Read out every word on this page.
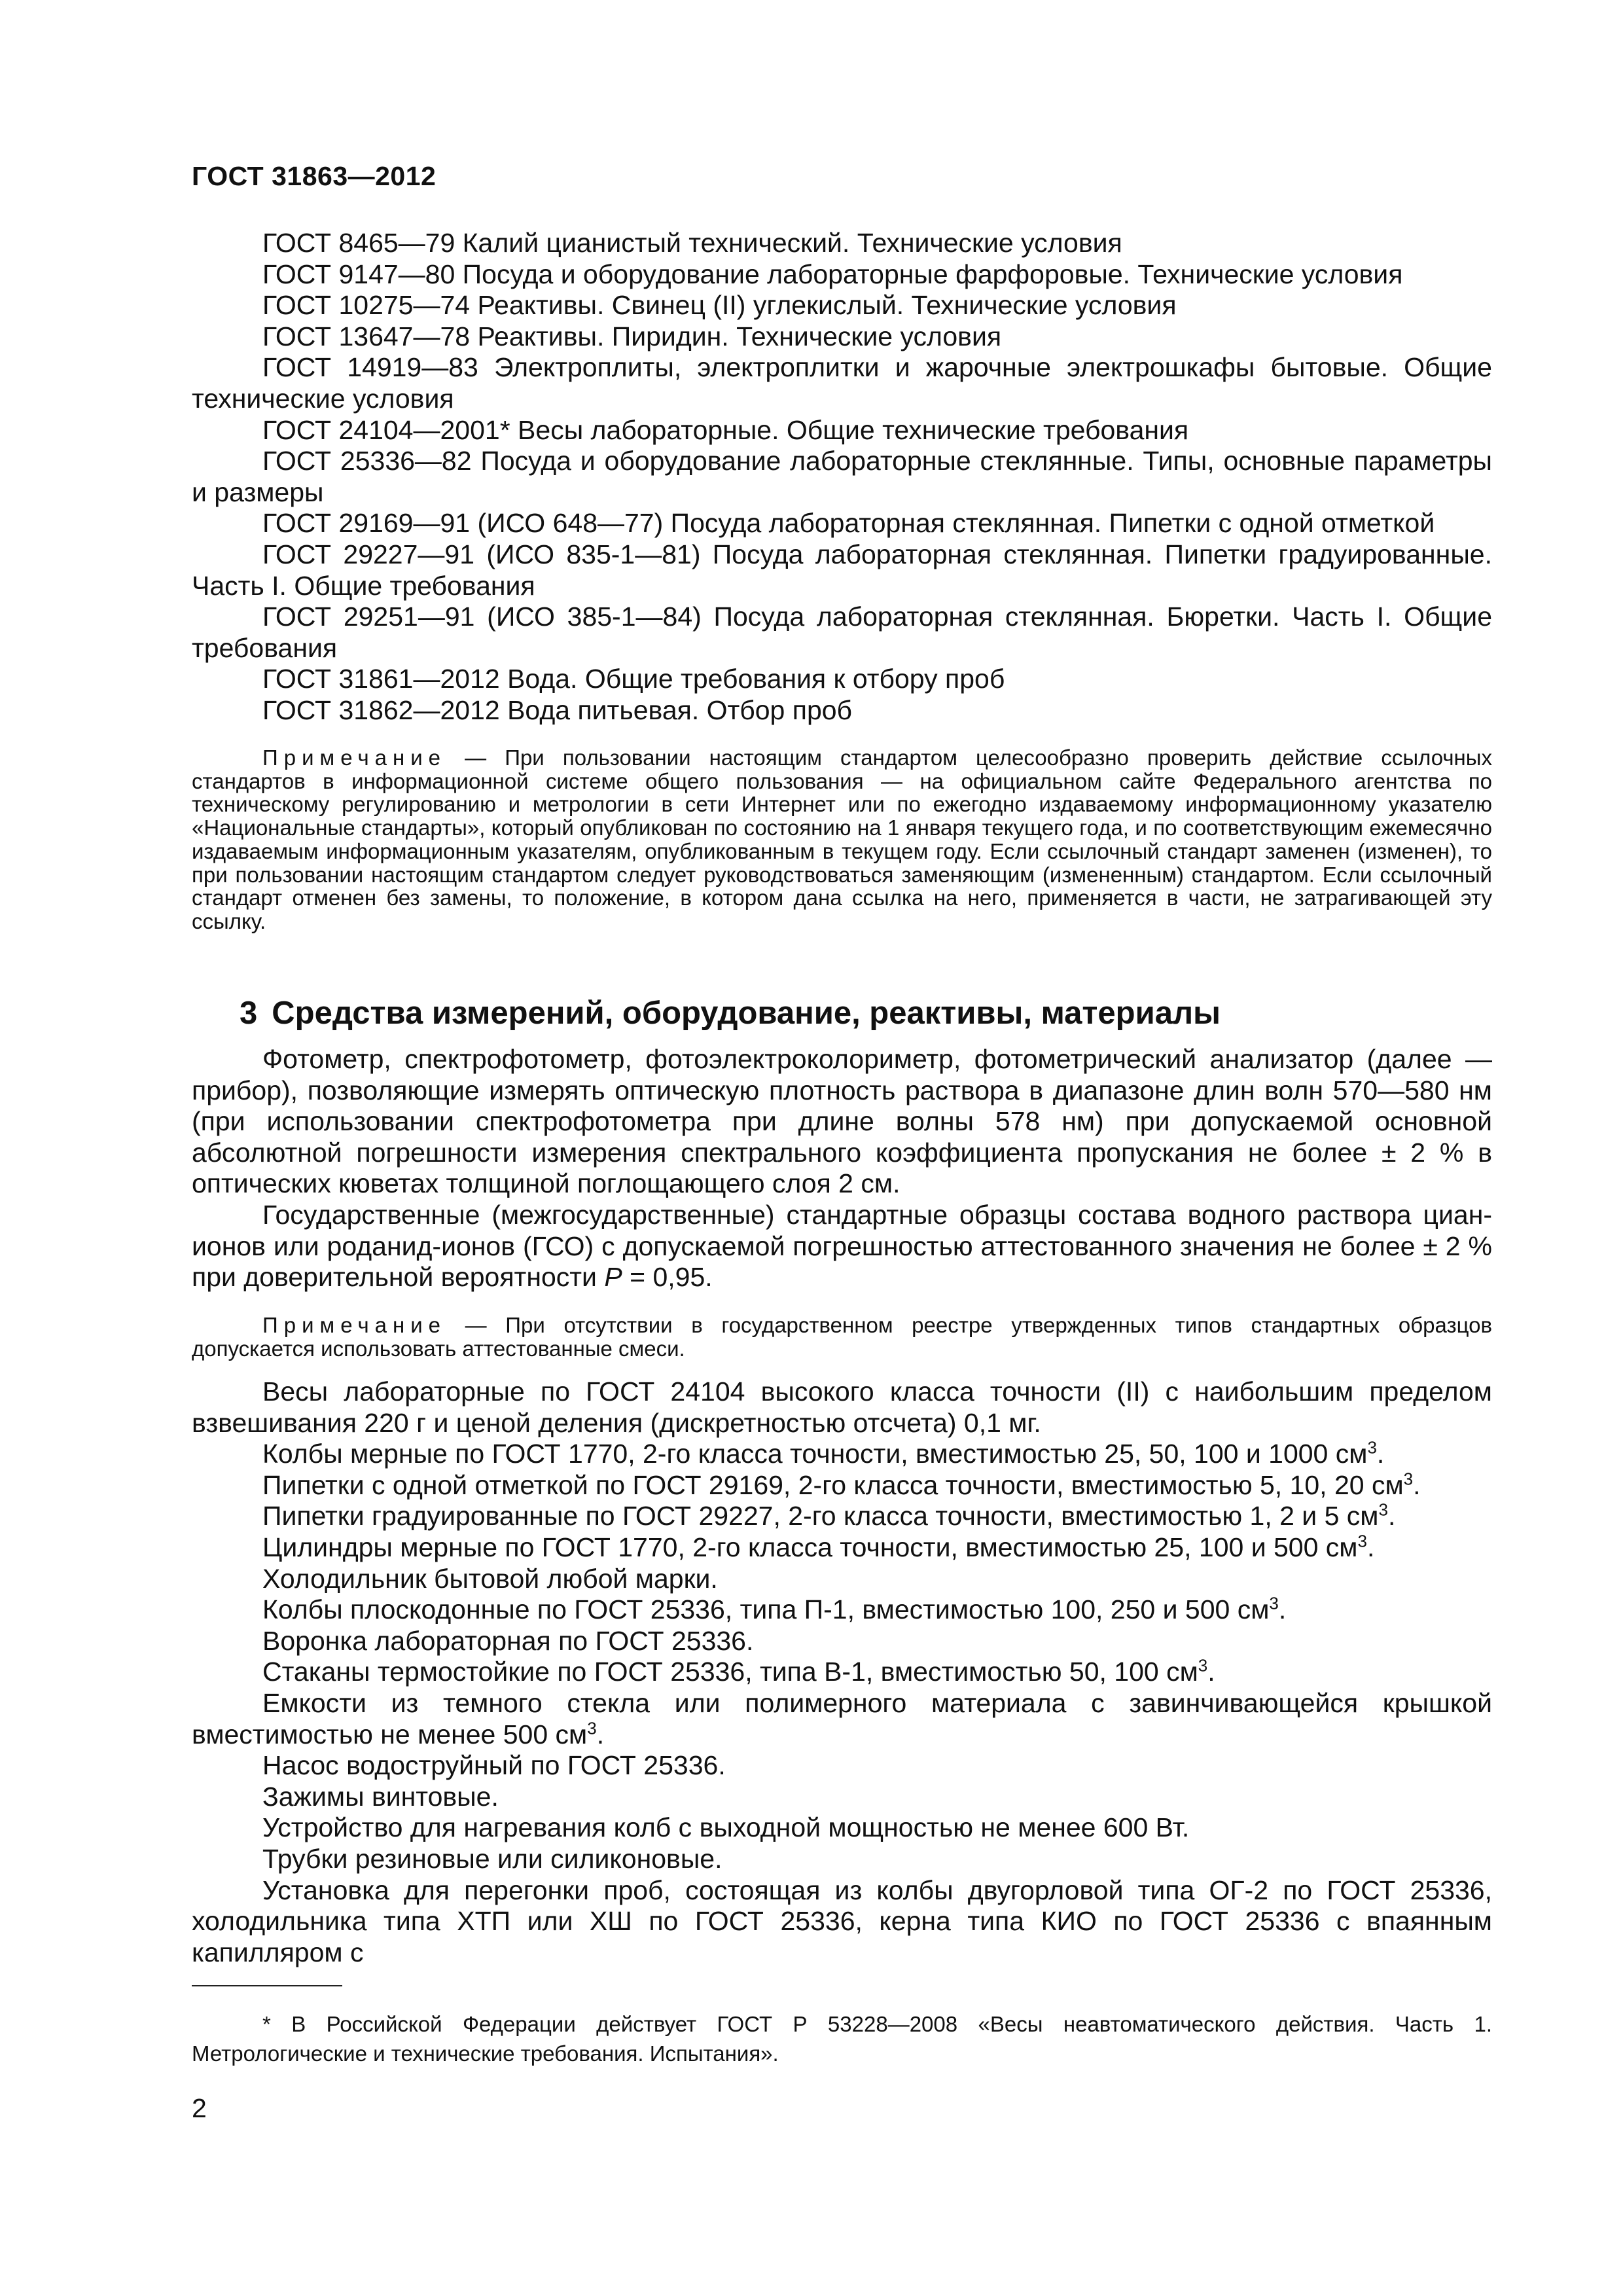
ГОСТ 31863—2012

ГОСТ 8465—79 Калий цианистый технический. Технические условия

ГОСТ 9147—80 Посуда и оборудование лабораторные фарфоровые. Технические условия

ГОСТ 10275—74 Реактивы. Свинец (II) углекислый. Технические условия

ГОСТ 13647—78 Реактивы. Пиридин. Технические условия

ГОСТ 14919—83 Электроплиты, электроплитки и жарочные электрошкафы бытовые. Общие технические условия

ГОСТ 24104—2001* Весы лабораторные. Общие технические требования

ГОСТ 25336—82 Посуда и оборудование лабораторные стеклянные. Типы, основные параметры и размеры

ГОСТ 29169—91 (ИСО 648—77) Посуда лабораторная стеклянная. Пипетки с одной отметкой

ГОСТ 29227—91 (ИСО 835-1—81) Посуда лабораторная стеклянная. Пипетки градуированные. Часть I. Общие требования

ГОСТ 29251—91 (ИСО 385-1—84) Посуда лабораторная стеклянная. Бюретки. Часть I. Общие требования

ГОСТ 31861—2012 Вода. Общие требования к отбору проб

ГОСТ 31862—2012 Вода питьевая. Отбор проб

Примечание — При пользовании настоящим стандартом целесообразно проверить действие ссылочных стандартов в информационной системе общего пользования — на официальном сайте Федерального агентства по техническому регулированию и метрологии в сети Интернет или по ежегодно издаваемому информационному указателю «Национальные стандарты», который опубликован по состоянию на 1 января текущего года, и по соответствующим ежемесячно издаваемым информационным указателям, опубликованным в текущем году. Если ссылочный стандарт заменен (изменен), то при пользовании настоящим стандартом следует руководствоваться заменяющим (измененным) стандартом. Если ссылочный стандарт отменен без замены, то положение, в котором дана ссылка на него, применяется в части, не затрагивающей эту ссылку.

3 Средства измерений, оборудование, реактивы, материалы

Фотометр, спектрофотометр, фотоэлектроколориметр, фотометрический анализатор (далее — прибор), позволяющие измерять оптическую плотность раствора в диапазоне длин волн 570—580 нм (при использовании спектрофотометра при длине волны 578 нм) при допускаемой основной абсолютной погрешности измерения спектрального коэффициента пропускания не более ± 2 % в оптических кюветах толщиной поглощающего слоя 2 см.

Государственные (межгосударственные) стандартные образцы состава водного раствора циан-ионов или роданид-ионов (ГСО) с допускаемой погрешностью аттестованного значения не более ± 2 % при доверительной вероятности P = 0,95.

Примечание — При отсутствии в государственном реестре утвержденных типов стандартных образцов допускается использовать аттестованные смеси.

Весы лабораторные по ГОСТ 24104 высокого класса точности (II) с наибольшим пределом взвешивания 220 г и ценой деления (дискретностью отсчета) 0,1 мг.

Колбы мерные по ГОСТ 1770, 2-го класса точности, вместимостью 25, 50, 100 и 1000 $см^3$.

Пипетки с одной отметкой по ГОСТ 29169, 2-го класса точности, вместимостью 5, 10, 20 $см^3$.

Пипетки градуированные по ГОСТ 29227, 2-го класса точности, вместимостью 1, 2 и 5 $см^3$.

Цилиндры мерные по ГОСТ 1770, 2-го класса точности, вместимостью 25, 100 и 500 $см^3$.

Холодильник бытовой любой марки.

Колбы плоскодонные по ГОСТ 25336, типа П-1, вместимостью 100, 250 и 500 $см^3$.

Воронка лабораторная по ГОСТ 25336.

Стаканы термостойкие по ГОСТ 25336, типа В-1, вместимостью 50, 100 $см^3$.

Емкости из темного стекла или полимерного материала с завинчивающейся крышкой вместимостью не менее 500 $см^3$.

Насос водоструйный по ГОСТ 25336.

Зажимы винтовые.

Устройство для нагревания колб с выходной мощностью не менее 600 Вт.

Трубки резиновые или силиконовые.

Установка для перегонки проб, состоящая из колбы двугорловой типа ОГ-2 по ГОСТ 25336, холодильника типа ХТП или ХШ по ГОСТ 25336, керна типа КИО по ГОСТ 25336 с впаянным капилляром с

* В Российской Федерации действует ГОСТ Р 53228—2008 «Весы неавтоматического действия. Часть 1. Метрологические и технические требования. Испытания».

2
